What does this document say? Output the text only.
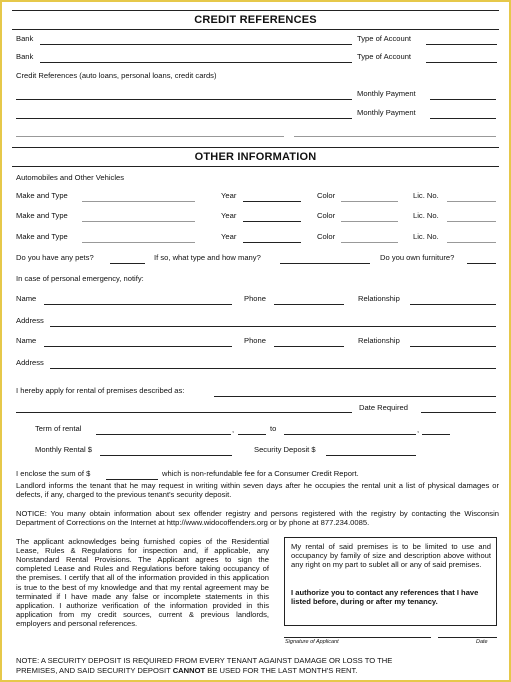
CREDIT REFERENCES
Bank	Type of Account
Bank	Type of Account
Credit References (auto loans, personal loans, credit cards)
Monthly Payment
Monthly Payment
OTHER INFORMATION
Automobiles and Other Vehicles
Make and Type	Year	Color	Lic. No.
Make and Type	Year	Color	Lic. No.
Make and Type	Year	Color	Lic. No.
Do you have any pets?	If so, what type and how many?	Do you own furniture?
In case of personal emergency, notify:
Name	Phone	Relationship
Address
Name	Phone	Relationship
Address
I hereby apply for rental of premises described as:
Date Required
Term of rental	,	to	,
Monthly Rental $	Security Deposit $
I enclose the sum of $	which is non-refundable fee for a Consumer Credit Report.
Landlord informs the tenant that he may request in writing within seven days after he occupies the rental unit a list of physical damages or defects, if any, charged to the previous tenant's security deposit.
NOTICE: You many obtain information about sex offender registry and persons registered with the registry by contacting the Wisconsin Department of Corrections on the Internet at http://www.widocoffenders.org or by phone at 877.234.0085.
The applicant acknowledges being furnished copies of the Residential Lease, Rules & Regulations for inspection and, if applicable, any Nonstandard Rental Provisions. The Applicant agrees to sign the completed Lease and Rules and Regulations before taking occupancy of the premises. I certify that all of the information provided in this application is true to the best of my knowledge and that my rental agreement may be terminated if I have made any false or incomplete statements in this application. I authorize verification of the information provided in this application from my credit sources, current & previous landlords, employers and personal references.
My rental of said premises is to be limited to use and occupancy by family of size and description above without any right on my part to sublet all or any of said premises.
I authorize you to contact any references that I have listed before, during or after my tenancy.
Signature of Applicant	Date
NOTE: A SECURITY DEPOSIT IS REQUIRED FROM EVERY TENANT AGAINST DAMAGE OR LOSS TO THE
PREMISES, AND SAID SECURITY DEPOSIT CANNOT BE USED FOR THE LAST MONTH'S RENT.
